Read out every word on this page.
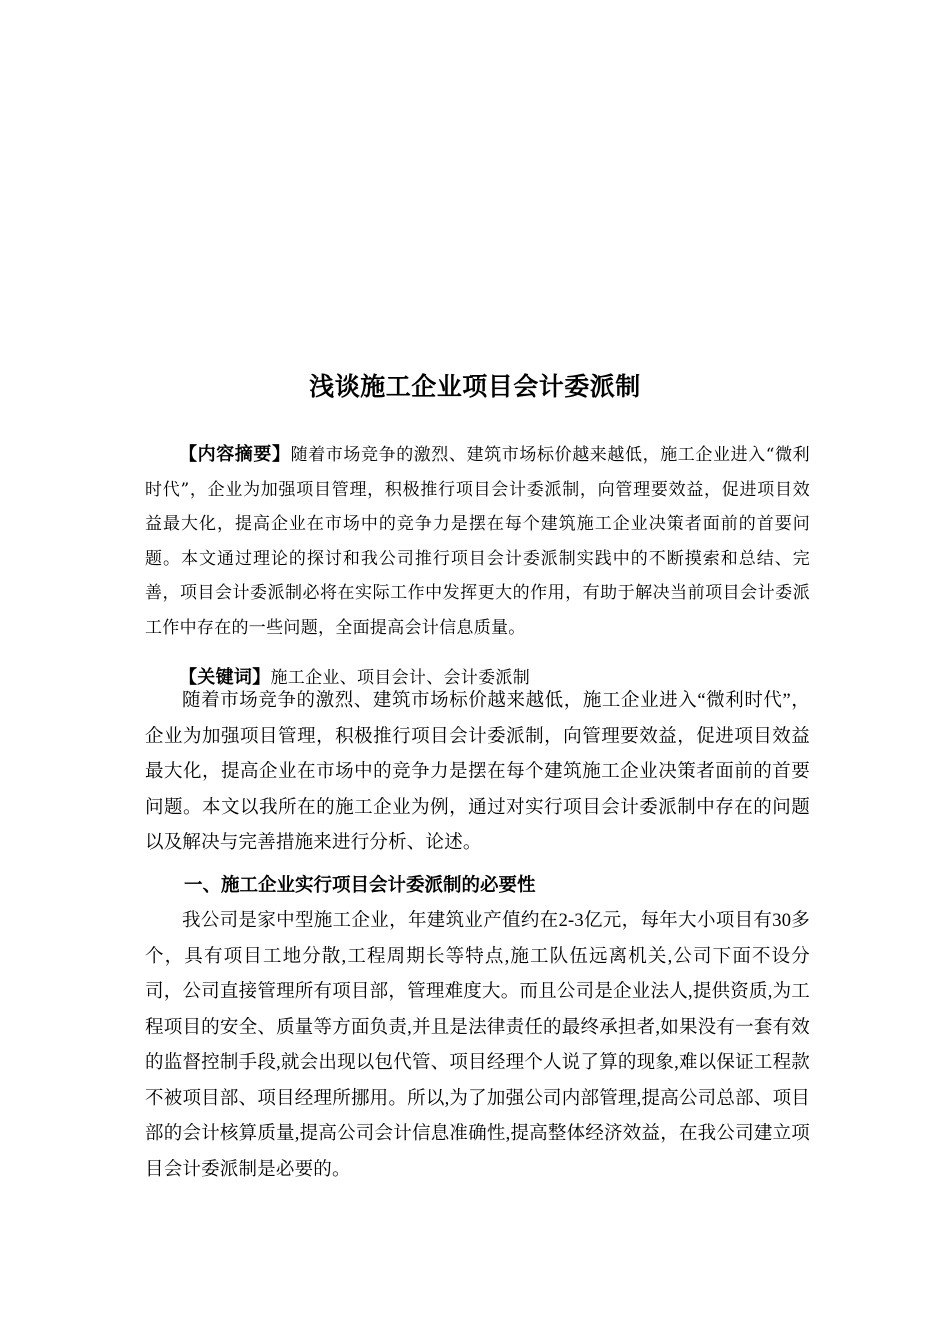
浅谈施工企业项目会计委派制

【内容摘要】随着市场竞争的激烈、建筑市场标价越来越低，施工企业进入“微利时代”，企业为加强项目管理，积极推行项目会计委派制，向管理要效益，促进项目效益最大化，提高企业在市场中的竞争力是摆在每个建筑施工企业决策者面前的首要问题。本文通过理论的探讨和我公司推行项目会计委派制实践中的不断摸索和总结、完善，项目会计委派制必将在实际工作中发挥更大的作用，有助于解决当前项目会计委派工作中存在的一些问题，全面提高会计信息质量。

【关键词】施工企业、项目会计、会计委派制

随着市场竞争的激烈、建筑市场标价越来越低，施工企业进入“微利时代”，企业为加强项目管理，积极推行项目会计委派制，向管理要效益，促进项目效益最大化，提高企业在市场中的竞争力是摆在每个建筑施工企业决策者面前的首要问题。本文以我所在的施工企业为例，通过对实行项目会计委派制中存在的问题以及解决与完善措施来进行分析、论述。

一、施工企业实行项目会计委派制的必要性

我公司是家中型施工企业，年建筑业产值约在2-3亿元，每年大小项目有30多个，具有项目工地分散,工程周期长等特点,施工队伍远离机关,公司下面不设分司，公司直接管理所有项目部，管理难度大。而且公司是企业法人,提供资质,为工程项目的安全、质量等方面负责,并且是法律责任的最终承担者,如果没有一套有效的监督控制手段,就会出现以包代管、项目经理个人说了算的现象,难以保证工程款不被项目部、项目经理所挪用。所以,为了加强公司内部管理,提高公司总部、项目部的会计核算质量,提高公司会计信息准确性,提高整体经济效益，在我公司建立项目会计委派制是必要的。
